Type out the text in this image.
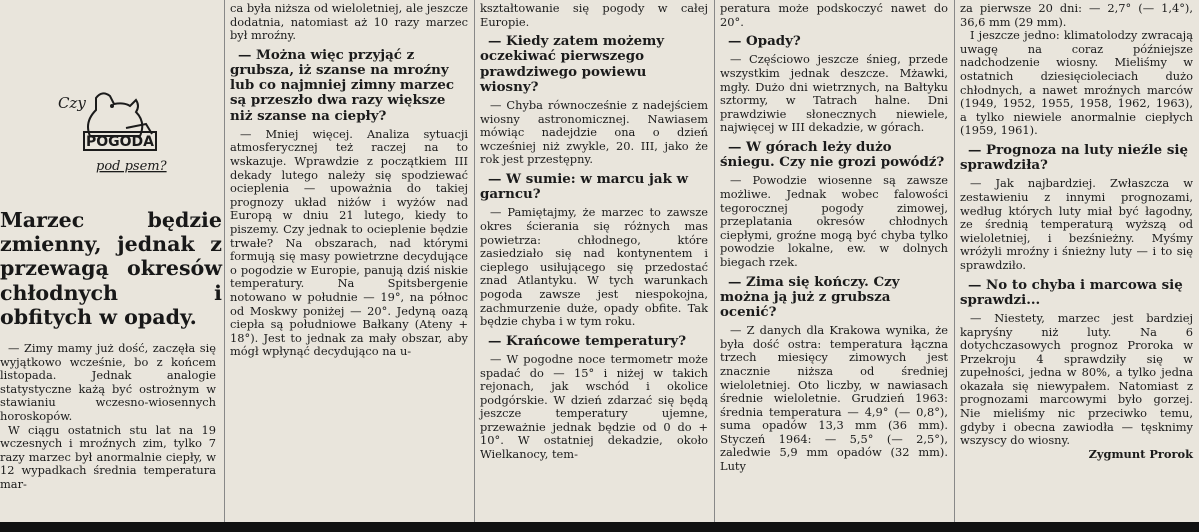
Czy
POGODA
pod psem?
Marzec będzie zmienny, jednak z przewagą okresów chłodnych i obfitych w opady.

— Zimy mamy już dość, zaczęła się wyjątkowo wcześnie, bo z końcem listopada. Jednak analogie statystyczne każą być ostrożnym w stawianiu wczesno-wiosennych horoskopów.

W ciągu ostatnich stu lat na 19 wczesnych i mroźnych zim, tylko 7 razy marzec był anormalnie ciepły, w 12 wypadkach średnia temperatura mar-

ca była niższa od wieloletniej, ale jeszcze dodatnia, natomiast aż 10 razy marzec był mroźny.

— Można więc przyjąć z grubsza, iż szanse na mroźny lub co najmniej zimny marzec są przeszło dwa razy większe niż szanse na ciepły?

— Mniej więcej. Analiza sytuacji atmosferycznej też raczej na to wskazuje. Wprawdzie z początkiem III dekady lutego należy się spodziewać ocieplenia — upoważnia do takiej prognozy układ niżów i wyżów nad Europą w dniu 21 lutego, kiedy to piszemy. Czy jednak to ocieplenie będzie trwałe? Na obszarach, nad którymi formują się masy powietrzne decydujące o pogodzie w Europie, panują dziś niskie temperatury. Na Spitsbergenie notowano w południe — 19°, na północ od Moskwy poniżej — 20°. Jedyną oazą ciepła są południowe Bałkany (Ateny + 18°). Jest to jednak za mały obszar, aby mógł wpłynąć decydująco na u-

kształtowanie się pogody w całej Europie.

— Kiedy zatem możemy oczekiwać pierwszego prawdziwego powiewu wiosny?

— Chyba równocześnie z nadejściem wiosny astronomicznej. Nawiasem mówiąc nadejdzie ona o dzień wcześniej niż zwykle, 20. III, jako że rok jest przestępny.

— W sumie: w marcu jak w garncu?

— Pamiętajmy, że marzec to zawsze okres ścierania się różnych mas powietrza: chłodnego, które zasiedziało się nad kontynentem i cieplego usiłującego się przedostać znad Atlantyku. W tych warunkach pogoda zawsze jest niespokojna, zachmurzenie duże, opady obfite. Tak będzie chyba i w tym roku.

— Krańcowe temperatury?

— W pogodne noce termometr może spadać do — 15° i niżej w takich rejonach, jak wschód i okolice podgórskie. W dzień zdarzać się będą jeszcze temperatury ujemne, przeważnie jednak będzie od 0 do + 10°. W ostatniej dekadzie, około Wielkanocy, tem-

peratura może podskoczyć nawet do 20°.

— Opady?

— Częściowo jeszcze śnieg, przede wszystkim jednak deszcze. Mżawki, mgły. Dużo dni wietrznych, na Bałtyku sztormy, w Tatrach halne. Dni prawdziwie słonecznych niewiele, najwięcej w III dekadzie, w górach.

— W górach leży dużo śniegu. Czy nie grozi powódź?

— Powodzie wiosenne są zawsze możliwe. Jednak wobec falowości tegorocznej pogody zimowej, przeplatania okresów chłodnych ciepłymi, groźne mogą być chyba tylko powodzie lokalne, ew. w dolnych biegach rzek.

— Zima się kończy. Czy można ją już z grubsza ocenić?

— Z danych dla Krakowa wynika, że była dość ostra: temperatura łączna trzech miesięcy zimowych jest znacznie niższa od średniej wieloletniej. Oto liczby, w nawiasach średnie wieloletnie. Grudzień 1963: średnia temperatura — 4,9° (— 0,8°), suma opadów 13,3 mm (36 mm). Styczeń 1964: — 5,5° (— 2,5°), zaledwie 5,9 mm opadów (32 mm). Luty

za pierwsze 20 dni: — 2,7° (— 1,4°), 36,6 mm (29 mm).

I jeszcze jedno: klimatolodzy zwracają uwagę na coraz późniejsze nadchodzenie wiosny. Mieliśmy w ostatnich dziesięcioleciach dużo chłodnych, a nawet mroźnych marców (1949, 1952, 1955, 1958, 1962, 1963), a tylko niewiele anormalnie ciepłych (1959, 1961).

— Prognoza na luty nieźle się sprawdziła?

— Jak najbardziej. Zwłaszcza w zestawieniu z innymi prognozami, według których luty miał być łagodny, ze średnią temperaturą wyższą od wieloletniej, i bezśnieżny. Myśmy wróżyli mroźny i śnieżny luty — i to się sprawdziło.

— No to chyba i marcowa się sprawdzi...

— Niestety, marzec jest bardziej kapryśny niż luty. Na 6 dotychczasowych prognoz Proroka w Przekroju 4 sprawdziły się w zupełności, jedna w 80%, a tylko jedna okazała się niewypałem. Natomiast z prognozami marcowymi było gorzej. Nie mieliśmy nic przeciwko temu, gdyby i obecna zawiodła — tęsknimy wszyscy do wiosny.

Zygmunt Prorok
